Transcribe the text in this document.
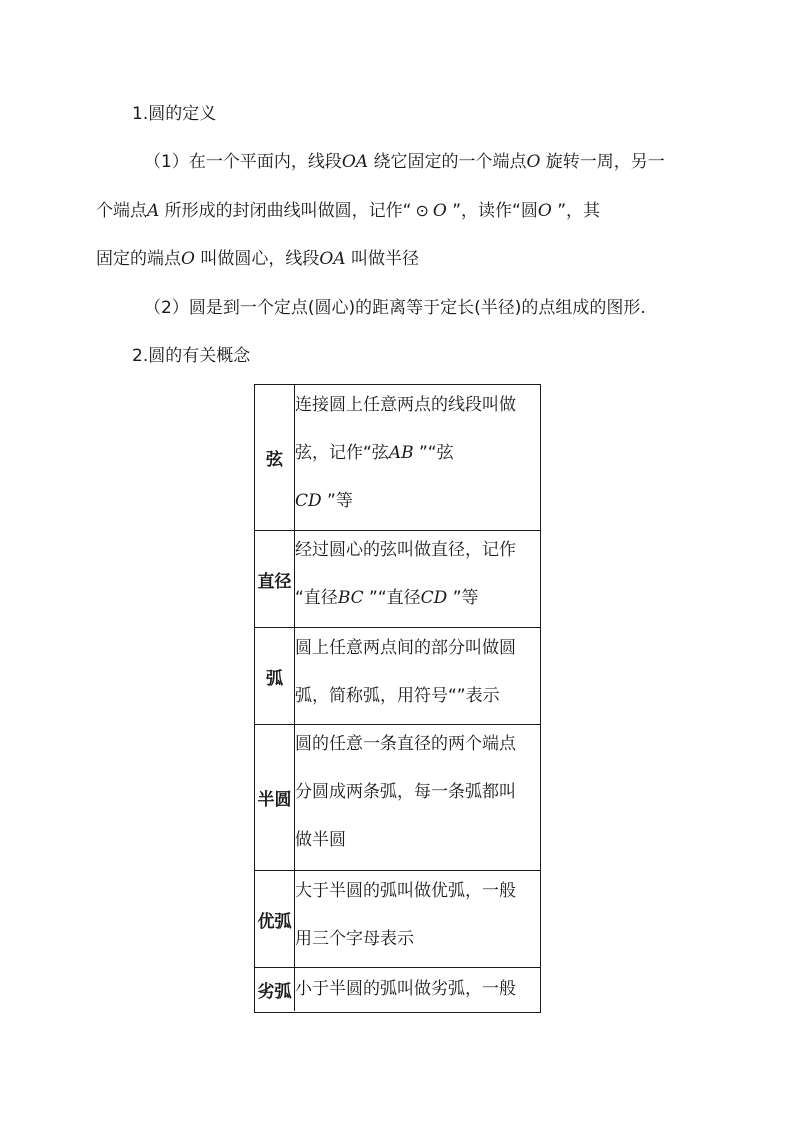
1.圆的定义
（1）在一个平面内，线段OA 绕它固定的一个端点O 旋转一周，另一
个端点A 所形成的封闭曲线叫做圆，记作“ ⊙ O ”，读作“圆O ”，其
固定的端点O 叫做圆心，线段OA 叫做半径
（2）圆是到一个定点(圆心)的距离等于定长(半径)的点组成的图形.
2.圆的有关概念
弦
连接圆上任意两点的线段叫做
弦，记作“弦AB ”“弦
CD ”等
直径
经过圆心的弦叫做直径，记作
“直径BC ”“直径CD ”等
弧
圆上任意两点间的部分叫做圆
弧，简称弧，用符号“”表示
半圆
圆的任意一条直径的两个端点
分圆成两条弧，每一条弧都叫
做半圆
优弧
大于半圆的弧叫做优弧，一般
用三个字母表示
劣弧 小于半圆的弧叫做劣弧，一般
